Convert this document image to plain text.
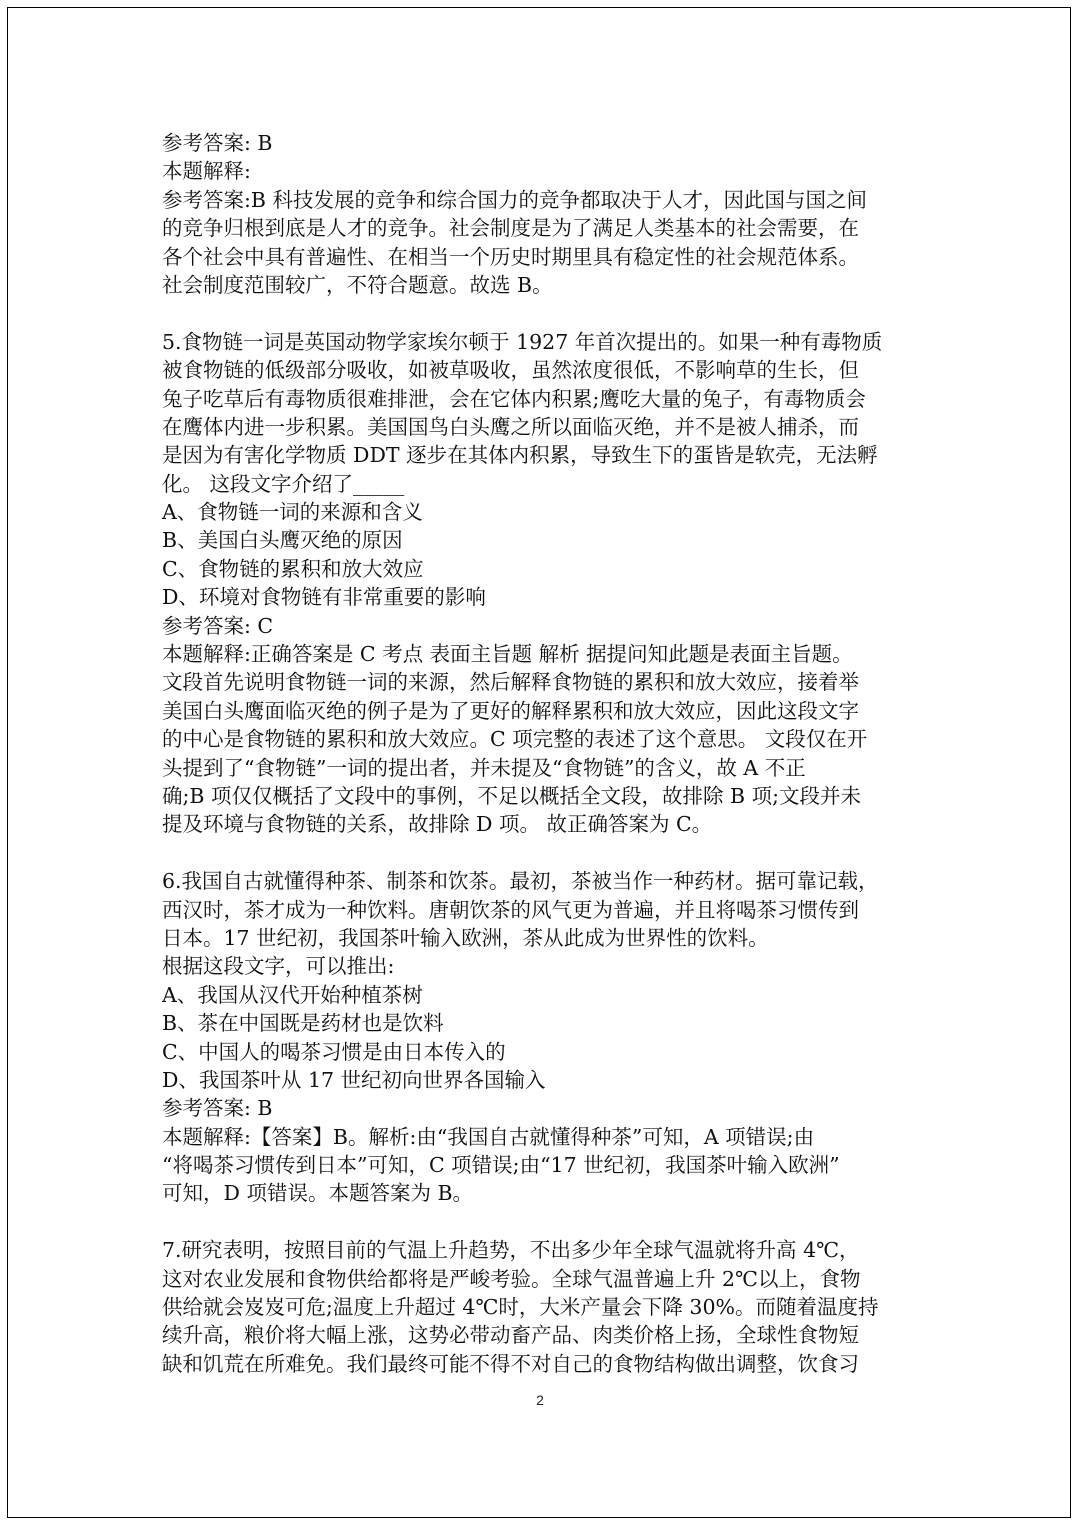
参考答案: B
本题解释:
参考答案:B 科技发展的竞争和综合国力的竞争都取决于人才，因此国与国之间
的竞争归根到底是人才的竞争。社会制度是为了满足人类基本的社会需要，在
各个社会中具有普遍性、在相当一个历史时期里具有稳定性的社会规范体系。
社会制度范围较广，不符合题意。故选 B。
5.食物链一词是英国动物学家埃尔顿于 1927 年首次提出的。如果一种有毒物质
被食物链的低级部分吸收，如被草吸收，虽然浓度很低，不影响草的生长，但
兔子吃草后有毒物质很难排泄，会在它体内积累;鹰吃大量的兔子，有毒物质会
在鹰体内进一步积累。美国国鸟白头鹰之所以面临灭绝，并不是被人捕杀，而
是因为有害化学物质 DDT 逐步在其体内积累，导致生下的蛋皆是软壳，无法孵
化。 这段文字介绍了_____
A、食物链一词的来源和含义
B、美国白头鹰灭绝的原因
C、食物链的累积和放大效应
D、环境对食物链有非常重要的影响
参考答案: C
本题解释:正确答案是 C 考点 表面主旨题 解析 据提问知此题是表面主旨题。
文段首先说明食物链一词的来源，然后解释食物链的累积和放大效应，接着举
美国白头鹰面临灭绝的例子是为了更好的解释累积和放大效应，因此这段文字
的中心是食物链的累积和放大效应。C 项完整的表述了这个意思。 文段仅在开
头提到了“食物链”一词的提出者，并未提及“食物链”的含义，故 A 不正
确;B 项仅仅概括了文段中的事例，不足以概括全文段，故排除 B 项;文段并未
提及环境与食物链的关系，故排除 D 项。 故正确答案为 C。
6.我国自古就懂得种茶、制茶和饮茶。最初，茶被当作一种药材。据可靠记载，
西汉时，茶才成为一种饮料。唐朝饮茶的风气更为普遍，并且将喝茶习惯传到
日本。17 世纪初，我国茶叶输入欧洲，茶从此成为世界性的饮料。
根据这段文字，可以推出:
A、我国从汉代开始种植茶树
B、茶在中国既是药材也是饮料
C、中国人的喝茶习惯是由日本传入的
D、我国茶叶从 17 世纪初向世界各国输入
参考答案: B
本题解释:【答案】B。解析:由“我国自古就懂得种茶”可知，A 项错误;由
“将喝茶习惯传到日本”可知，C 项错误;由“17 世纪初，我国茶叶输入欧洲”
可知，D 项错误。本题答案为 B。
7.研究表明，按照目前的气温上升趋势，不出多少年全球气温就将升高 4℃，
这对农业发展和食物供给都将是严峻考验。全球气温普遍上升 2℃以上，食物
供给就会岌岌可危;温度上升超过 4℃时，大米产量会下降 30%。而随着温度持
续升高，粮价将大幅上涨，这势必带动畜产品、肉类价格上扬，全球性食物短
缺和饥荒在所难免。我们最终可能不得不对自己的食物结构做出调整，饮食习
2
